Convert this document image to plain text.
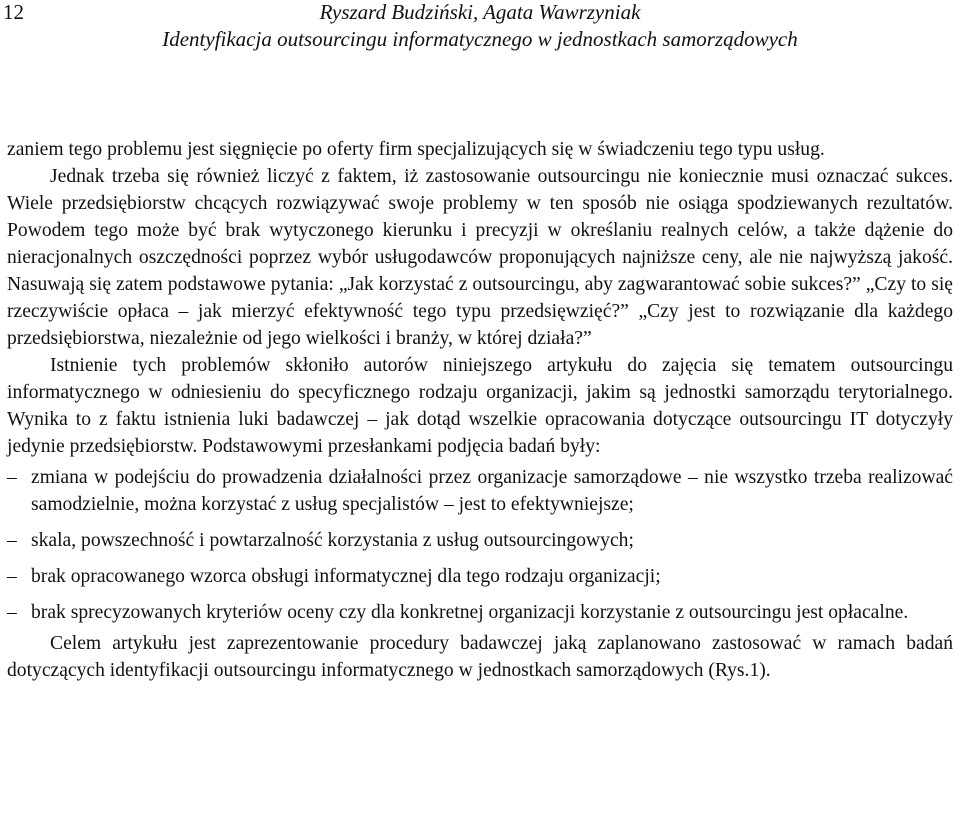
12	Ryszard Budziński, Agata Wawrzyniak
Identyfikacja outsourcingu informatycznego w jednostkach samorządowych

zaniem tego problemu jest sięgnięcie po oferty firm specjalizujących się w świadczeniu tego typu usług.

Jednak trzeba się również liczyć z faktem, iż zastosowanie outsourcingu nie koniecznie musi oznaczać sukces. Wiele przedsiębiorstw chcących rozwiązywać swoje problemy w ten sposób nie osiąga spodziewanych rezultatów. Powodem tego może być brak wytyczonego kierunku i precyzji w określaniu realnych celów, a także dążenie do nieracjonalnych oszczędności poprzez wybór usługodawców proponujących najniższe ceny, ale nie najwyższą jakość. Nasuwają się zatem podstawowe pytania: „Jak korzystać z outsourcingu, aby zagwarantować sobie sukces?” „Czy to się rzeczywiście opłaca – jak mierzyć efektywność tego typu przedsięwzięć?” „Czy jest to rozwiązanie dla każdego przedsiębiorstwa, niezależnie od jego wielkości i branży, w której działa?”

Istnienie tych problemów skłoniło autorów niniejszego artykułu do zajęcia się tematem outsourcingu informatycznego w odniesieniu do specyficznego rodzaju organizacji, jakim są jednostki samorządu terytorialnego. Wynika to z faktu istnienia luki badawczej – jak dotąd wszelkie opracowania dotyczące outsourcingu IT dotyczyły jedynie przedsiębiorstw. Podstawowymi przesłankami podjęcia badań były:

– zmiana w podejściu do prowadzenia działalności przez organizacje samorządowe – nie wszystko trzeba realizować samodzielnie, można korzystać z usług specjalistów – jest to efektywniejsze;
– skala, powszechność i powtarzalność korzystania z usług outsourcingowych;
– brak opracowanego wzorca obsługi informatycznej dla tego rodzaju organizacji;
– brak sprecyzowanych kryteriów oceny czy dla konkretnej organizacji korzystanie z outsourcingu jest opłacalne.

Celem artykułu jest zaprezentowanie procedury badawczej jaką zaplanowano zastosować w ramach badań dotyczących identyfikacji outsourcingu informatycznego w jednostkach samorządowych (Rys.1).
